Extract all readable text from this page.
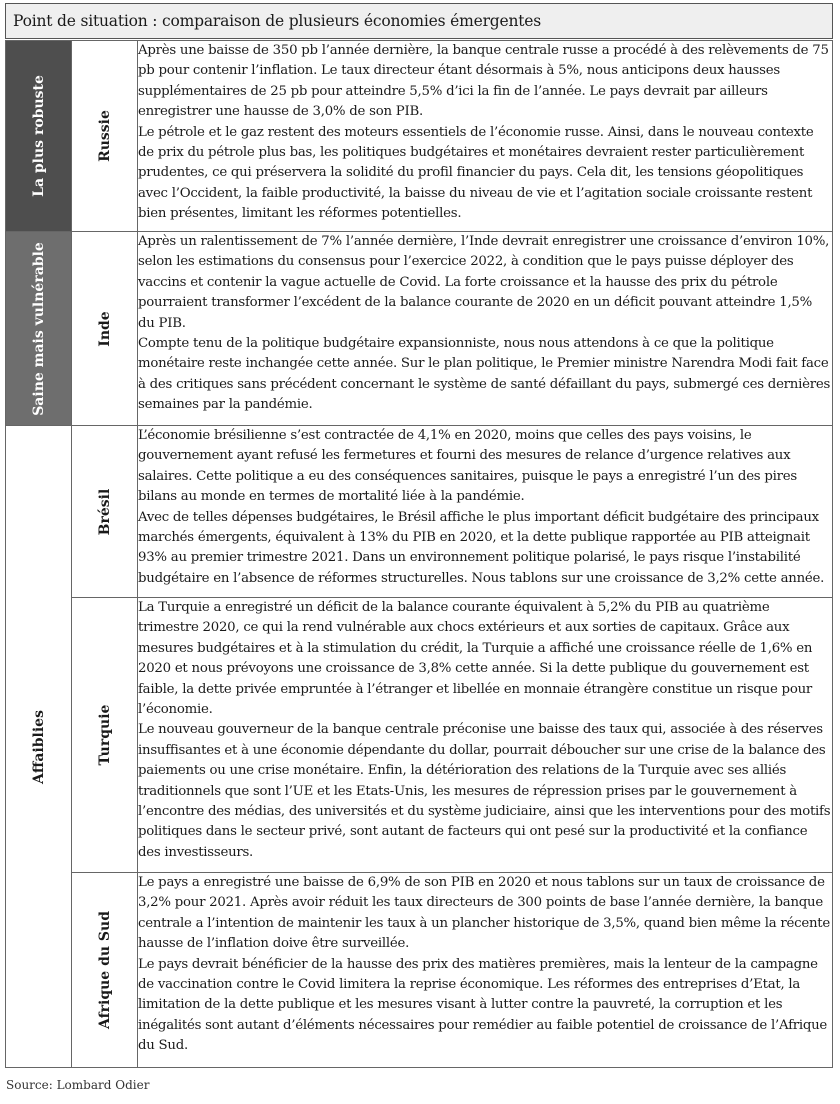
Point de situation : comparaison de plusieurs économies émergentes
La plus robuste	Russie	Après une baisse de 350 pb l’année dernière, la banque centrale russe a procédé à des relèvements de 75 pb pour contenir l’inflation. Le taux directeur étant désormais à 5%, nous anticipons deux hausses supplémentaires de 25 pb pour atteindre 5,5% d’ici la fin de l’année. Le pays devrait par ailleurs enregistrer une hausse de 3,0% de son PIB.

Le pétrole et le gaz restent des moteurs essentiels de l’économie russe. Ainsi, dans le nouveau contexte de prix du pétrole plus bas, les politiques budgétaires et monétaires devraient rester particulièrement prudentes, ce qui préservera la solidité du profil financier du pays. Cela dit, les tensions géopolitiques avec l’Occident, la faible productivité, la baisse du niveau de vie et l’agitation sociale croissante restent bien présentes, limitant les réformes potentielles.

Saine mais vulnérable	Inde	Après un ralentissement de 7% l’année dernière, l’Inde devrait enregistrer une croissance d’environ 10%, selon les estimations du consensus pour l’exercice 2022, à condition que le pays puisse déployer des vaccins et contenir la vague actuelle de Covid. La forte croissance et la hausse des prix du pétrole pourraient transformer l’excédent de la balance courante de 2020 en un déficit pouvant atteindre 1,5% du PIB.

Compte tenu de la politique budgétaire expansionniste, nous nous attendons à ce que la politique monétaire reste inchangée cette année. Sur le plan politique, le Premier ministre Narendra Modi fait face à des critiques sans précédent concernant le système de santé défaillant du pays, submergé ces dernières semaines par la pandémie.

Affaiblies	Brésil	L’économie brésilienne s’est contractée de 4,1% en 2020, moins que celles des pays voisins, le gouvernement ayant refusé les fermetures et fourni des mesures de relance d’urgence relatives aux salaires. Cette politique a eu des conséquences sanitaires, puisque le pays a enregistré l’un des pires bilans au monde en termes de mortalité liée à la pandémie.

Avec de telles dépenses budgétaires, le Brésil affiche le plus important déficit budgétaire des principaux marchés émergents, équivalent à 13% du PIB en 2020, et la dette publique rapportée au PIB atteignait 93% au premier trimestre 2021. Dans un environnement politique polarisé, le pays risque l’instabilité budgétaire en l’absence de réformes structurelles. Nous tablons sur une croissance de 3,2% cette année.

	Turquie	La Turquie a enregistré un déficit de la balance courante équivalent à 5,2% du PIB au quatrième trimestre 2020, ce qui la rend vulnérable aux chocs extérieurs et aux sorties de capitaux. Grâce aux mesures budgétaires et à la stimulation du crédit, la Turquie a affiché une croissance réelle de 1,6% en 2020 et nous prévoyons une croissance de 3,8% cette année. Si la dette publique du gouvernement est faible, la dette privée empruntée à l’étranger et libellée en monnaie étrangère constitue un risque pour l’économie.

Le nouveau gouverneur de la banque centrale préconise une baisse des taux qui, associée à des réserves insuffisantes et à une économie dépendante du dollar, pourrait déboucher sur une crise de la balance des paiements ou une crise monétaire. Enfin, la détérioration des relations de la Turquie avec ses alliés traditionnels que sont l’UE et les Etats-Unis, les mesures de répression prises par le gouvernement à l’encontre des médias, des universités et du système judiciaire, ainsi que les interventions pour des motifs politiques dans le secteur privé, sont autant de facteurs qui ont pesé sur la productivité et la confiance des investisseurs.

	Afrique du Sud	Le pays a enregistré une baisse de 6,9% de son PIB en 2020 et nous tablons sur un taux de croissance de 3,2% pour 2021. Après avoir réduit les taux directeurs de 300 points de base l’année dernière, la banque centrale a l’intention de maintenir les taux à un plancher historique de 3,5%, quand bien même la récente hausse de l’inflation doive être surveillée.

Le pays devrait bénéficier de la hausse des prix des matières premières, mais la lenteur de la campagne de vaccination contre le Covid limitera la reprise économique. Les réformes des entreprises d’Etat, la limitation de la dette publique et les mesures visant à lutter contre la pauvreté, la corruption et les inégalités sont autant d’éléments nécessaires pour remédier au faible potentiel de croissance de l’Afrique du Sud.

Source: Lombard Odier
